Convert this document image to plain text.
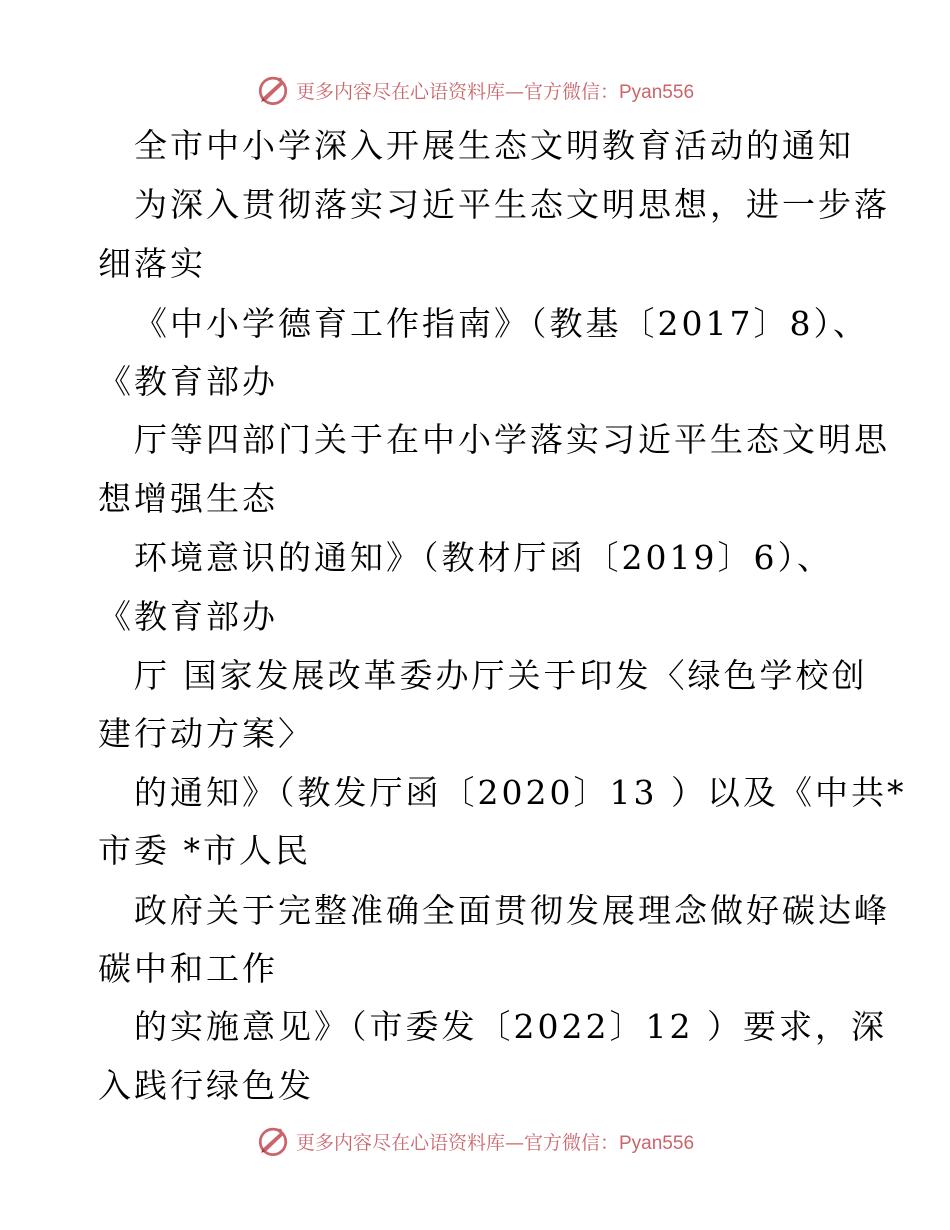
更多内容尽在心语资料库—官方微信：Pyan556
全市中小学深入开展生态文明教育活动的通知
为深入贯彻落实习近平生态文明思想，进一步落
细落实
《中小学德育工作指南》（教基〔2017〕8）、
《教育部办
厅等四部门关于在中小学落实习近平生态文明思
想增强生态
环境意识的通知》（教材厅函〔2019〕6）、
《教育部办
厅 国家发展改革委办厅关于印发〈绿色学校创
建行动方案〉
的通知》（教发厅函〔2020〕13 ）以及《中共*
市委 *市人民
政府关于完整准确全面贯彻发展理念做好碳达峰
碳中和工作
的实施意见》（市委发〔2022〕12 ）要求，深
入践行绿色发
更多内容尽在心语资料库—官方微信：Pyan556
